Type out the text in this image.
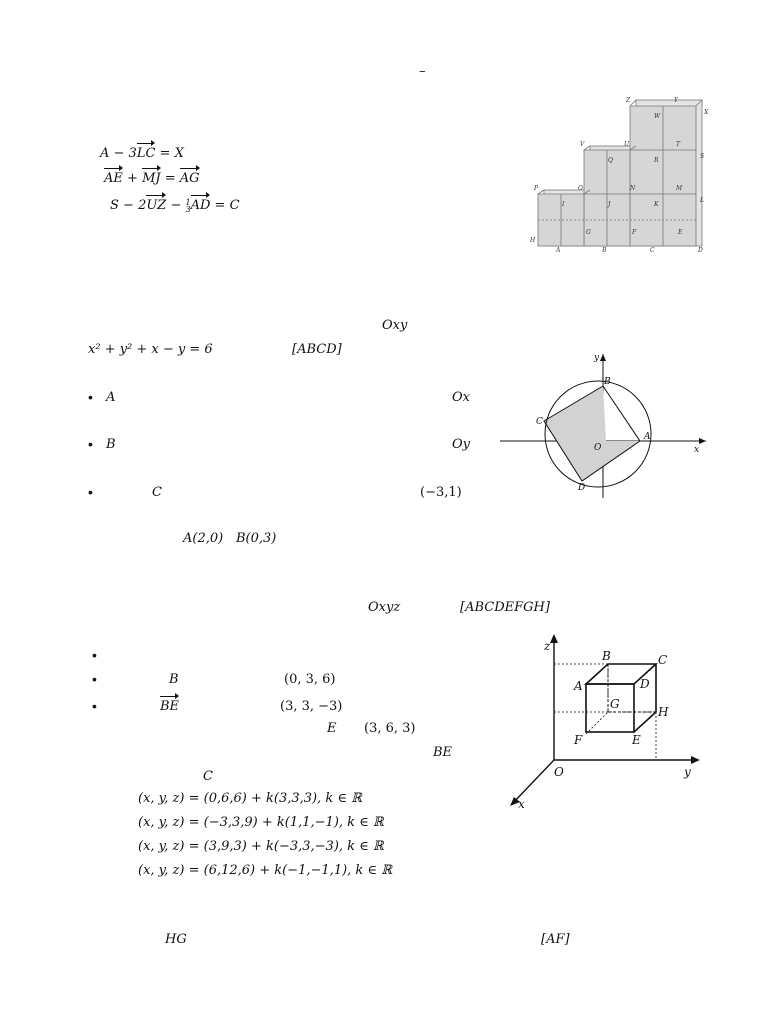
–
A − 3LC = X
AE + MJ = AG
S − 2UZ − 1
3AD = C
Z	Y
X
W
U	T
V
Q	R
S
P	O	N	M
L
I	J	K
G	F	E
H
A	B	C	D
Oxy
x² + y² + x − y = 6	[ABCD]
• A	Ox
• B	Oy
•	C	(−3,1)
A(2,0) B(0,3)
y
x
B
C
A
D
O
Oxyz	[ABCDEFGH]
•
•	B	(0, 3, 6)
•	BE	(3, 3, −3)
E (3, 6, 3)
BE
C
(x, y, z) = (0,6,6) + k(3,3,3), k ∈ ℝ
(x, y, z) = (−3,3,9) + k(1,1,−1), k ∈ ℝ
(x, y, z) = (3,9,3) + k(−3,3,−3), k ∈ ℝ
(x, y, z) = (6,12,6) + k(−1,−1,1), k ∈ ℝ
z
y
x
O
B	C
A	D
G
H
F	E
HG	[AF]
